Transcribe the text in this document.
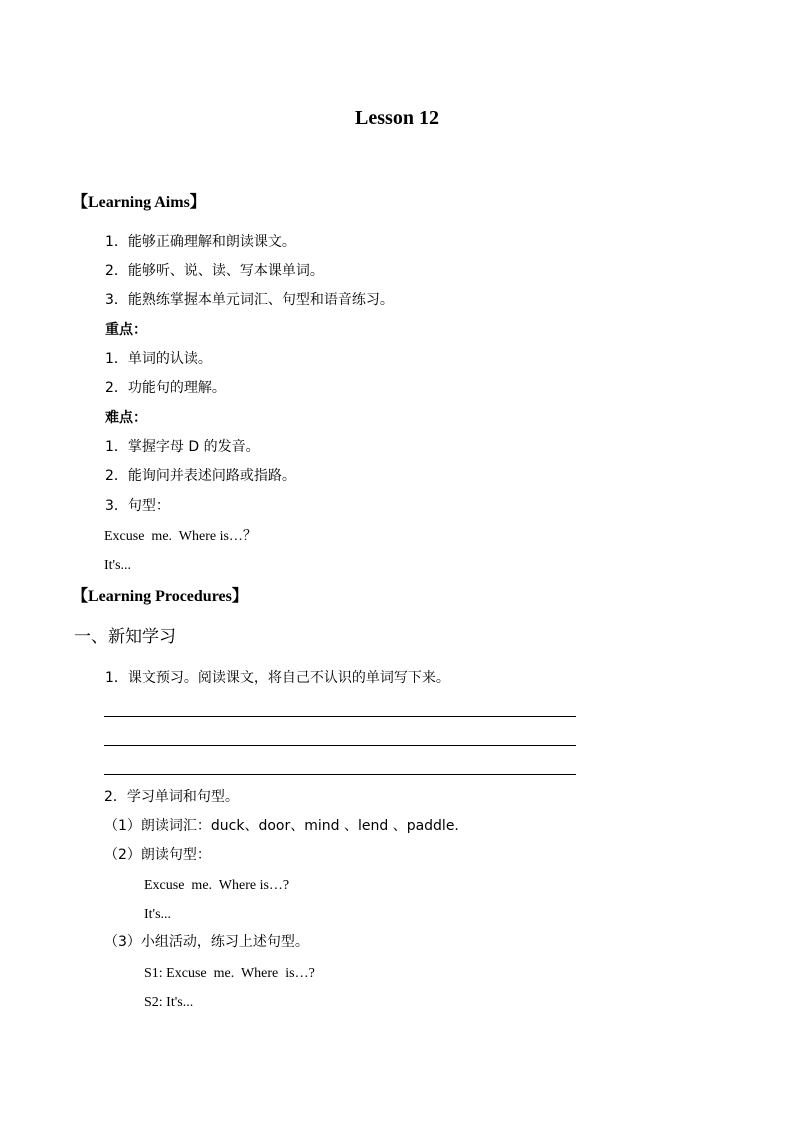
Lesson 12
【Learning Aims】
1．能够正确理解和朗读课文。
2．能够听、说、读、写本课单词。
3．能熟练掌握本单元词汇、句型和语音练习。
重点：
1．单词的认读。
2．功能句的理解。
难点：
1．掌握字母 D 的发音。
2．能询问并表述问路或指路。
3．句型：
Excuse  me.  Where is…？
It's...
【Learning Procedures】
一、新知学习
1．课文预习。阅读课文，将自己不认识的单词写下来。
2．学习单词和句型。
（1）朗读词汇：duck、door、mind 、lend 、paddle.
（2）朗读句型：
Excuse  me.  Where is…?
It's...
（3）小组活动，练习上述句型。
S1: Excuse  me.  Where  is…?
S2: It's...
